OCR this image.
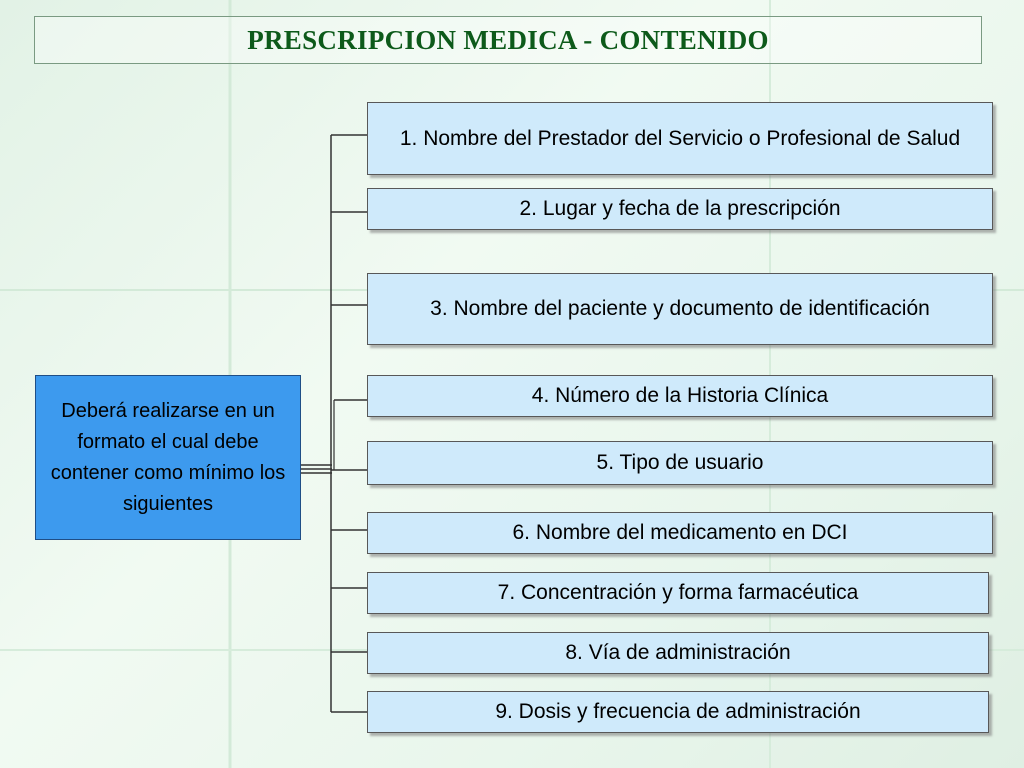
PRESCRIPCION MEDICA - CONTENIDO
Deberá realizarse en un formato el cual debe contener como mínimo los siguientes
1. Nombre del Prestador del Servicio o Profesional de Salud
2. Lugar y fecha de la prescripción
3. Nombre del paciente y documento de identificación
4. Número de la Historia Clínica
5. Tipo de usuario
6. Nombre del medicamento en DCI
7. Concentración y forma farmacéutica
8. Vía de administración
9. Dosis y frecuencia de administración
